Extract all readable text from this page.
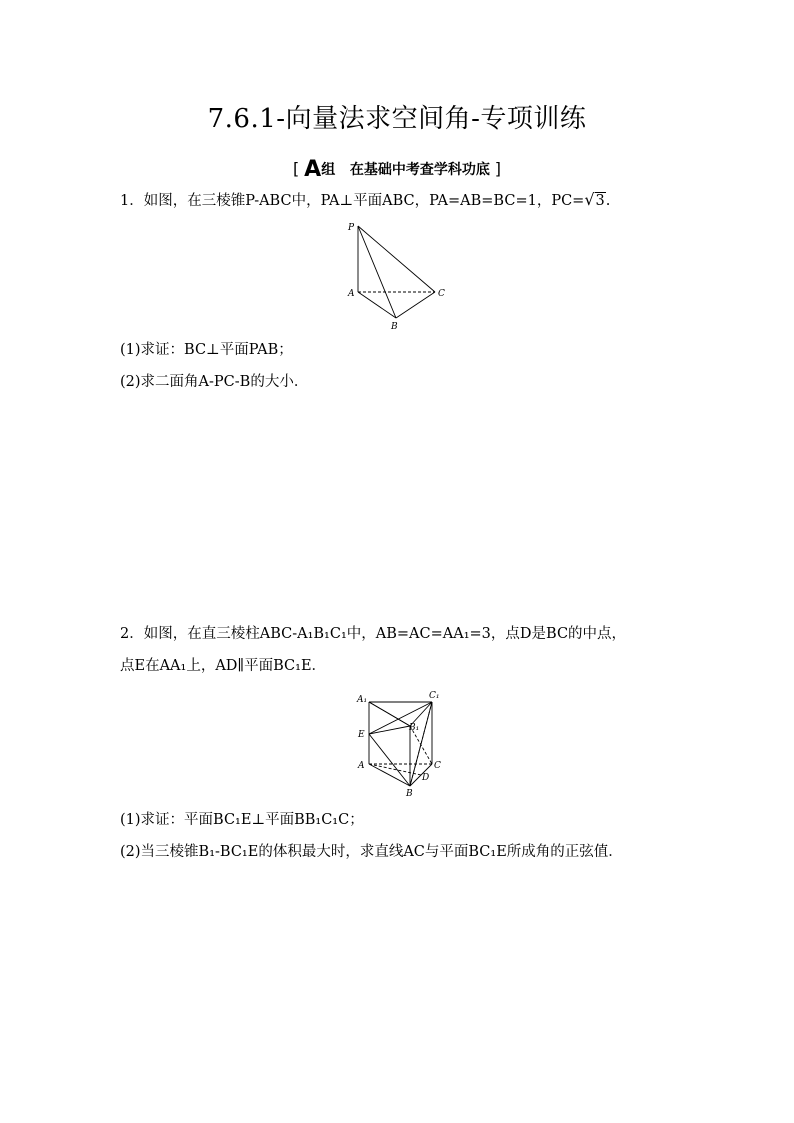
7.6.1-向量法求空间角-专项训练
[ A组 在基础中考查学科功底 ]
1．如图，在三棱锥P-ABC中，PA⊥平面ABC，PA=AB=BC=1，PC=√3.
P
A
B
C
(1)求证：BC⊥平面PAB；
(2)求二面角A-PC-B的大小．
2．如图，在直三棱柱ABC-A₁B₁C₁中，AB=AC=AA₁=3，点D是BC的中点，
点E在AA₁上，AD∥平面BC₁E．
A₁	C₁
B₁
E
A	C
D
B
(1)求证：平面BC₁E⊥平面BB₁C₁C；
(2)当三棱锥B₁-BC₁E的体积最大时，求直线AC与平面BC₁E所成角的正弦值．
